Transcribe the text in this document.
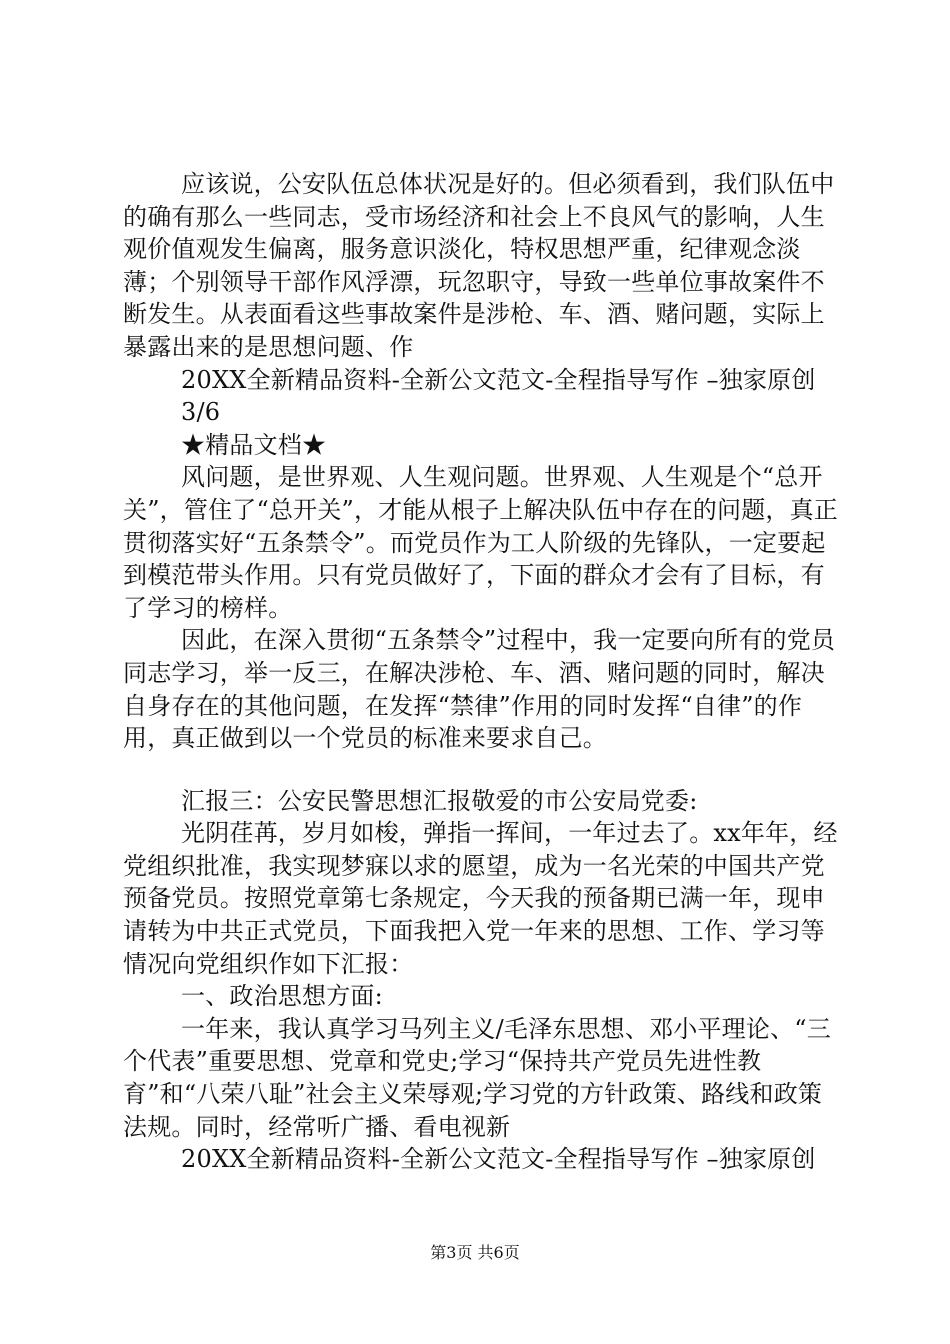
应该说，公安队伍总体状况是好的。但必须看到，我们队伍中的确有那么一些同志，受市场经济和社会上不良风气的影响，人生观价值观发生偏离，服务意识淡化，特权思想严重，纪律观念淡薄；个别领导干部作风浮漂，玩忽职守，导致一些单位事故案件不断发生。从表面看这些事故案件是涉枪、车、酒、赌问题，实际上暴露出来的是思想问题、作

20XX全新精品资料-全新公文范文-全程指导写作 –独家原创

3/6

★精品文档★

风问题，是世界观、人生观问题。世界观、人生观是个“总开关”，管住了“总开关”，才能从根子上解决队伍中存在的问题，真正贯彻落实好“五条禁令”。而党员作为工人阶级的先锋队，一定要起到模范带头作用。只有党员做好了，下面的群众才会有了目标，有了学习的榜样。

因此，在深入贯彻“五条禁令”过程中，我一定要向所有的党员同志学习，举一反三，在解决涉枪、车、酒、赌问题的同时，解决自身存在的其他问题，在发挥“禁律”作用的同时发挥“自律”的作用，真正做到以一个党员的标准来要求自己。

汇报三：公安民警思想汇报敬爱的市公安局党委:

光阴荏苒，岁月如梭，弹指一挥间，一年过去了。xx年年，经党组织批准，我实现梦寐以求的愿望，成为一名光荣的中国共产党预备党员。按照党章第七条规定，今天我的预备期已满一年，现申请转为中共正式党员，下面我把入党一年来的思想、工作、学习等情况向党组织作如下汇报：

一、政治思想方面:

一年来，我认真学习马列主义/毛泽东思想、邓小平理论、“三个代表”重要思想、党章和党史;学习“保持共产党员先进性教育”和“八荣八耻”社会主义荣辱观;学习党的方针政策、路线和政策法规。同时，经常听广播、看电视新

20XX全新精品资料-全新公文范文-全程指导写作 –独家原创

第3页 共6页
